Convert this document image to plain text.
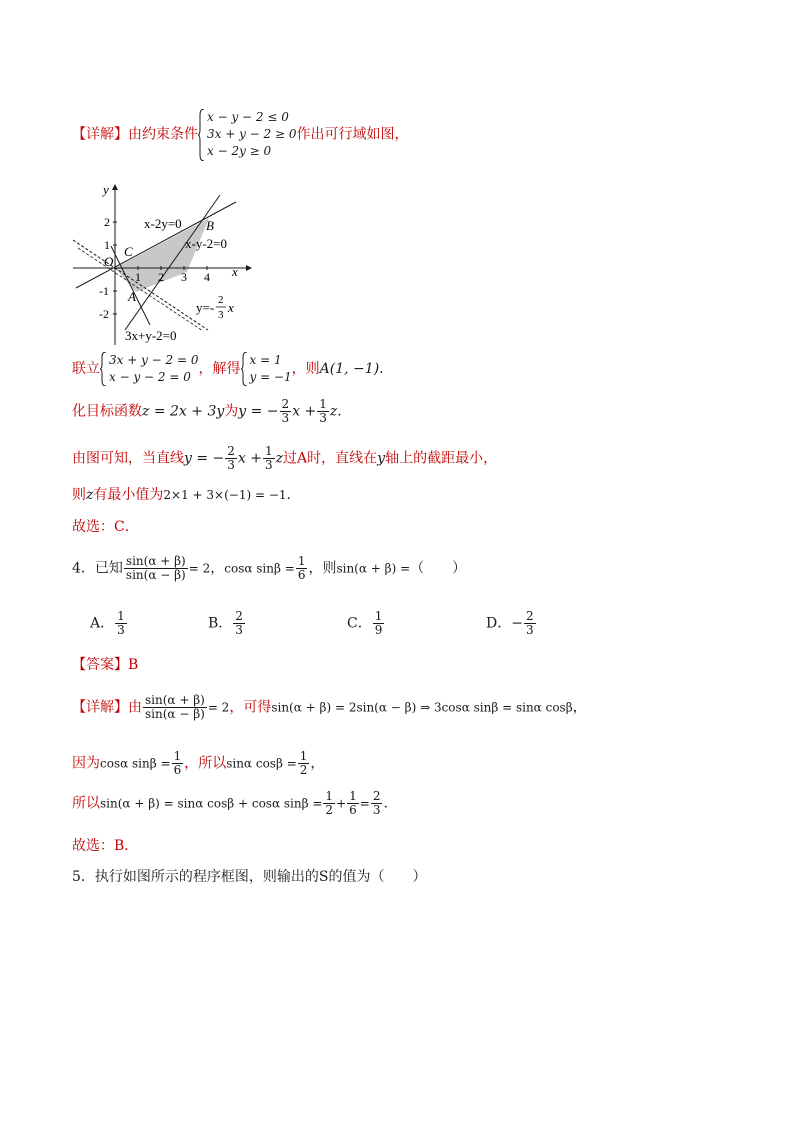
【详解】由约束条件
x − y − 2 ≤ 0
3x + y − 2 ≥ 0
x − 2y ≥ 0
作出可行域如图，
y
x
O
C
B
A
x-2y=0
x-y-2=0
3x+y-2=0
y=- 2
3 x
1 2 3 4
2
1
-1
-2
联立
3x + y − 2 = 0
x − y − 2 = 0 ，解得
x = 1
y = −1 ，则A(1, −1).
化目标函数z = 2x + 3y为y = − $\frac{2}{3}$ $x + \frac{1}{3} z$.
由图可知，当直线y = − $\frac{2}{3}$ $x + \frac{1}{3}$ z过A时，直线在y轴上的截距最小，
则z有最小值为2×1 + 3×(−1) = −1.
故选：C．
4．已知 $\frac{\sin(\alpha + \beta)}{\sin(\alpha - \beta)} = 2$，cosα $\sin\beta = \frac{1}{6}$ ，则sin(α + β) =（　　）
A． $\frac{1}{3}$	B． $\frac{2}{3}$	C． $\frac{1}{9}$	D．− $\frac{2}{3}$
【答案】B
【详解】由 $\frac{\sin(\alpha + \beta)}{\sin(\alpha - \beta)} = 2$，可得sin(α + β) = 2sin(α − β) ⇒ 3cosα sinβ = sinα cosβ，
因为cosα $\sin\beta = \frac{1}{6}$ ，所以sinα $\cos\beta = \frac{1}{2}$ ，
所以sin(α + β) = sinα cosβ + cosα $\sin\beta = \frac{1}{2} + \frac{1}{6} = \frac{2}{3}$ .
故选：B．
5．执行如图所示的程序框图，则输出的S的值为（　　）
